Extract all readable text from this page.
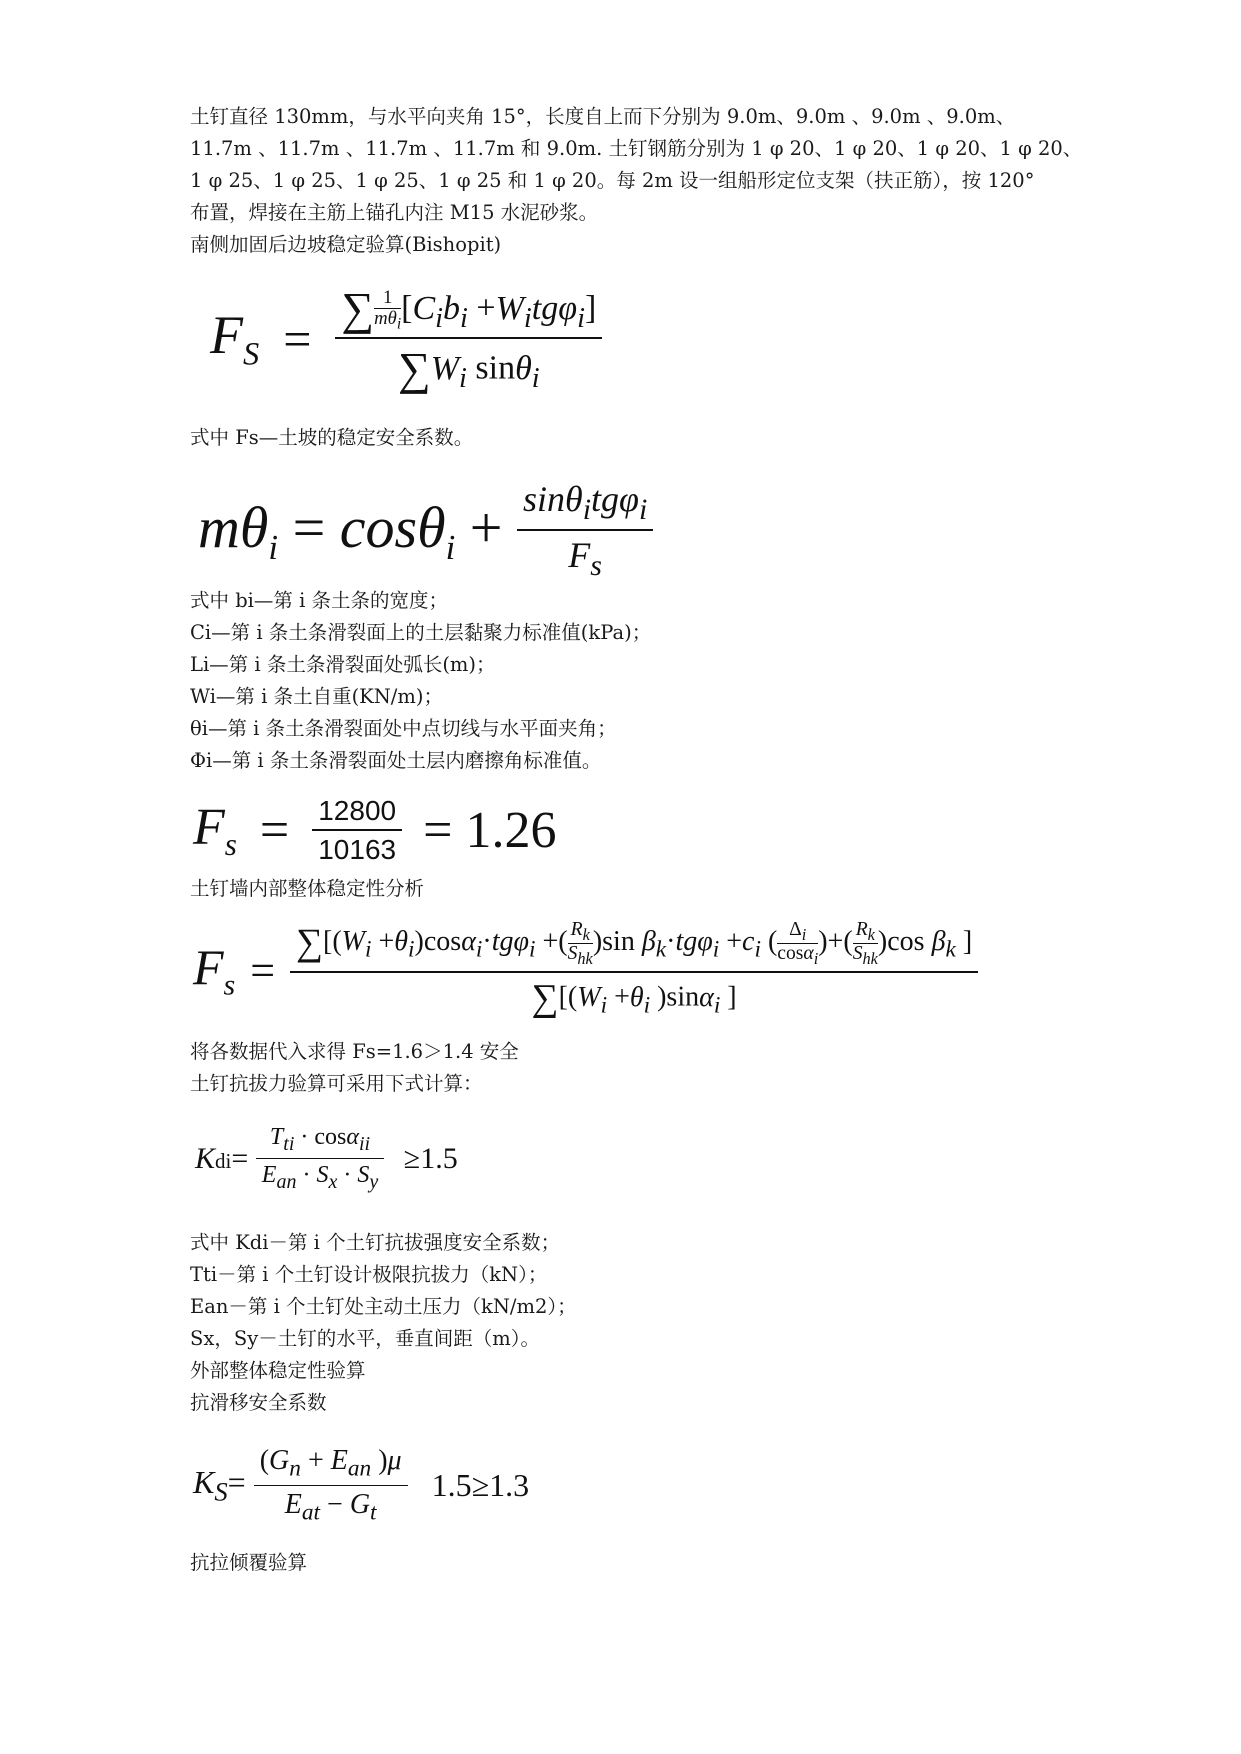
土钉直径 130mm，与水平向夹角 15°，长度自上而下分别为 9.0m、9.0m 、9.0m 、9.0m、
11.7m 、11.7m 、11.7m 、11.7m 和 9.0m. 土钉钢筋分别为 1 φ 20、1 φ 20、1 φ 20、1 φ 20、
1 φ 25、1 φ 25、1 φ 25、1 φ 25 和 1 φ 20。每 2m 设一组船形定位支架（扶正筋），按 120°
布置，焊接在主筋上锚孔内注 M15 水泥砂浆。
南侧加固后边坡稳定验算(Bishopit)
$F_S$ = ∑ 1
$m\theta_i$ $[C_ib_i +W_itg\varphi_i]$
$\sum W_i$ sinθ$_i$
式中 Fs—土坡的稳定安全系数。
$m\theta_i = \cos\theta_i + \frac{\sin\theta_itg\varphi_i}{F_s}$
式中 bi—第 i 条土条的宽度；
Ci—第 i 条土条滑裂面上的土层黏聚力标准值(kPa)；
Li—第 i 条土条滑裂面处弧长(m)；
Wi—第 i 条土自重(KN/m)；
θi—第 i 条土条滑裂面处中点切线与水平面夹角；
Φi—第 i 条土条滑裂面处土层内磨擦角标准值。
$F_s = \frac{12800}{10163} = 1.26$
土钉墙内部整体稳定性分析
$F_s$ =
$\sum[(W_i +\theta_i)\cos\alpha_i\cdot tg\varphi_i$ +( $R_k$
$S_{hk}$
)sin $\beta_k\cdot tg\varphi_i +c_i$ ( $\frac{\Delta_i}{\cos\alpha_i}$ )+( $R_k$
$S_{hk}$
)cos $\beta_k$ ]
$\sum[(W_i +\theta_i$ )sinα$_i$ ]
将各数据代入求得 Fs=1.6＞1.4 安全
土钉抗拔力验算可采用下式计算：
$Kdi= \frac{T_{ti} \cdot \cos\alpha_{ii}}{E_{an} \cdot S_x \cdot S_y} \ge 1.5$
式中 Kdi－第 i 个土钉抗拔强度安全系数；
Tti－第 i 个土钉设计极限抗拔力（kN）；
Ean－第 i 个土钉处主动土压力（kN/m2）；
Sx，Sy－土钉的水平，垂直间距（m）。
外部整体稳定性验算
抗滑移安全系数
$K_S= \frac{(G_n + E_{an} )\mu}{E_{at} - G_t} 1.5\ge 1.3$
抗拉倾覆验算
